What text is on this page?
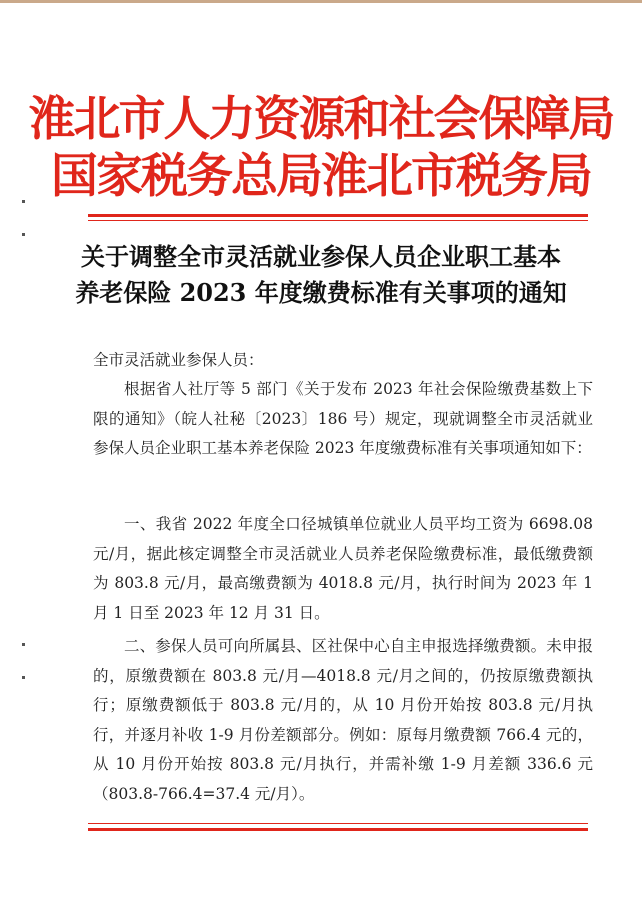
淮北市人力资源和社会保障局
国家税务总局淮北市税务局
关于调整全市灵活就业参保人员企业职工基本
养老保险 2023 年度缴费标准有关事项的通知
全市灵活就业参保人员：

根据省人社厅等 5 部门《关于发布 2023 年社会保险缴费基数上下限的通知》（皖人社秘〔2023〕186 号）规定，现就调整全市灵活就业参保人员企业职工基本养老保险 2023 年度缴费标准有关事项通知如下：

一、我省 2022 年度全口径城镇单位就业人员平均工资为 6698.08 元/月，据此核定调整全市灵活就业人员养老保险缴费标准，最低缴费额为 803.8 元/月，最高缴费额为 4018.8 元/月，执行时间为 2023 年 1 月 1 日至 2023 年 12 月 31 日。

二、参保人员可向所属县、区社保中心自主申报选择缴费额。未申报的，原缴费额在 803.8 元/月—4018.8 元/月之间的，仍按原缴费额执行；原缴费额低于 803.8 元/月的，从 10 月份开始按 803.8 元/月执行，并逐月补收 1-9 月份差额部分。例如：原每月缴费额 766.4 元的，从 10 月份开始按 803.8 元/月执行，并需补缴 1-9 月差额 336.6 元（803.8-766.4=37.4 元/月）。
